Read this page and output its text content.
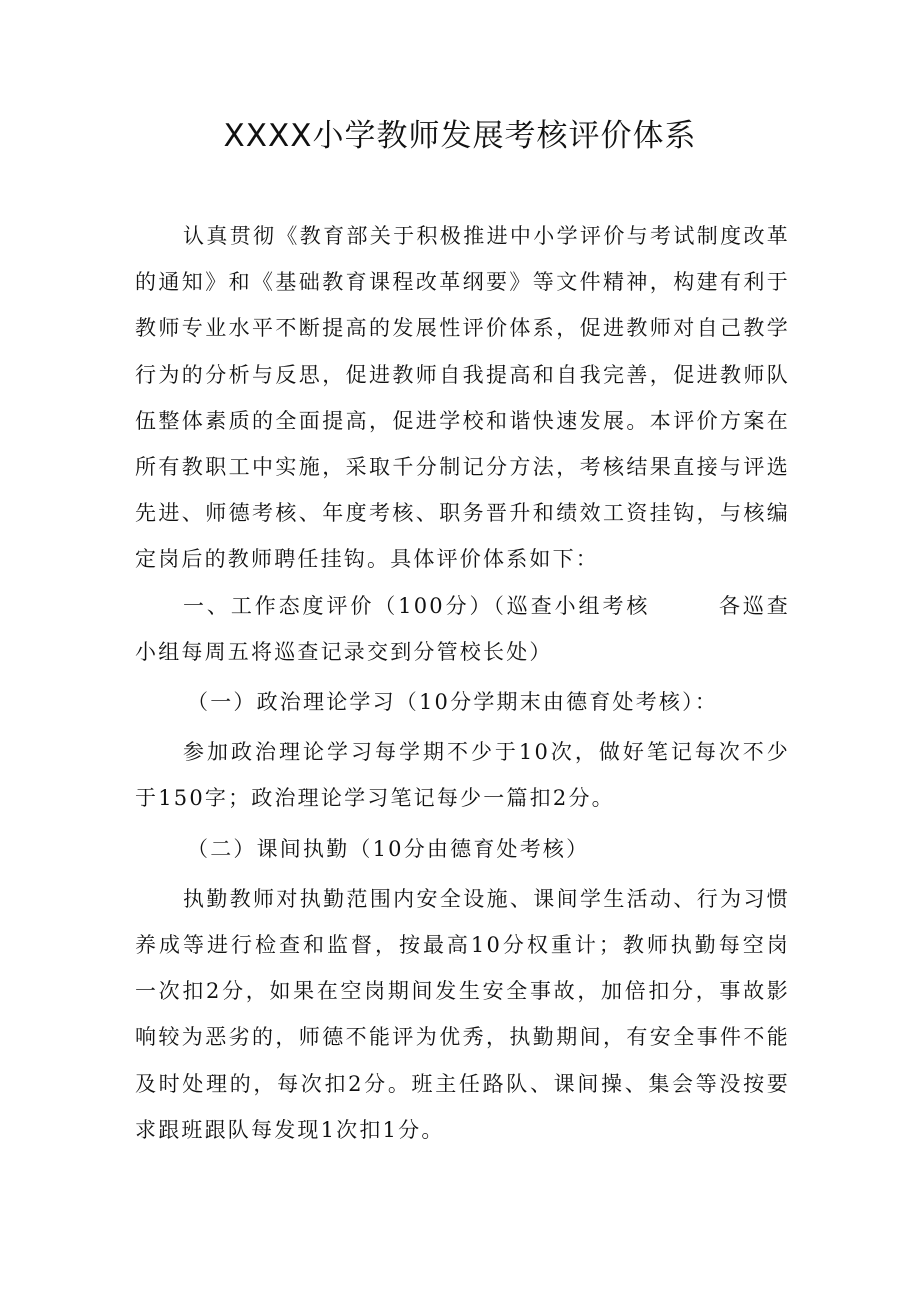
XXXX小学教师发展考核评价体系

认真贯彻《教育部关于积极推进中小学评价与考试制度改革的通知》和《基础教育课程改革纲要》等文件精神，构建有利于教师专业水平不断提高的发展性评价体系，促进教师对自己教学行为的分析与反思，促进教师自我提高和自我完善，促进教师队伍整体素质的全面提高，促进学校和谐快速发展。本评价方案在所有教职工中实施，采取千分制记分方法，考核结果直接与评选先进、师德考核、年度考核、职务晋升和绩效工资挂钩，与核编定岗后的教师聘任挂钩。具体评价体系如下：

一、工作态度评价（100分）（巡查小组考核	各巡查小组每周五将巡查记录交到分管校长处）

（一）政治理论学习（10分学期末由德育处考核）：

参加政治理论学习每学期不少于10次，做好笔记每次不少于150字；政治理论学习笔记每少一篇扣2分。

（二）课间执勤（10分由德育处考核）

执勤教师对执勤范围内安全设施、课间学生活动、行为习惯养成等进行检查和监督，按最高10分权重计；教师执勤每空岗一次扣2分，如果在空岗期间发生安全事故，加倍扣分，事故影响较为恶劣的，师德不能评为优秀，执勤期间，有安全事件不能及时处理的，每次扣2分。班主任路队、课间操、集会等没按要求跟班跟队每发现1次扣1分。
